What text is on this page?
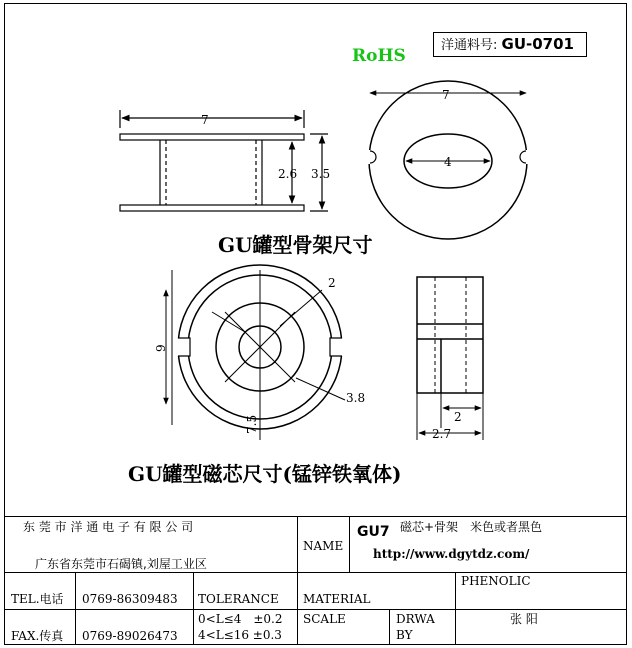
洋通料号: GU-0701
RoHS
7
2.6 3.5
7
4
GU罐型骨架尺寸
2
3.8
9
7.5	2
2.7
GU罐型磁芯尺寸(锰锌铁氧体)
东 莞 市 洋 通 电 子 有 限 公 司
广东省东莞市石碣镇,刘屋工业区
NAME
GU7 磁芯+骨架　米色或者黑色
http://www.dgytdz.com/
TEL.电话 0769-86309483 TOLERANCE MATERIAL
PHENOLIC
FAX.传真 0769-89026473
0<L≤4　±0.2
4<L≤16 ±0.3
SCALE	DRWA
BY
张 阳
